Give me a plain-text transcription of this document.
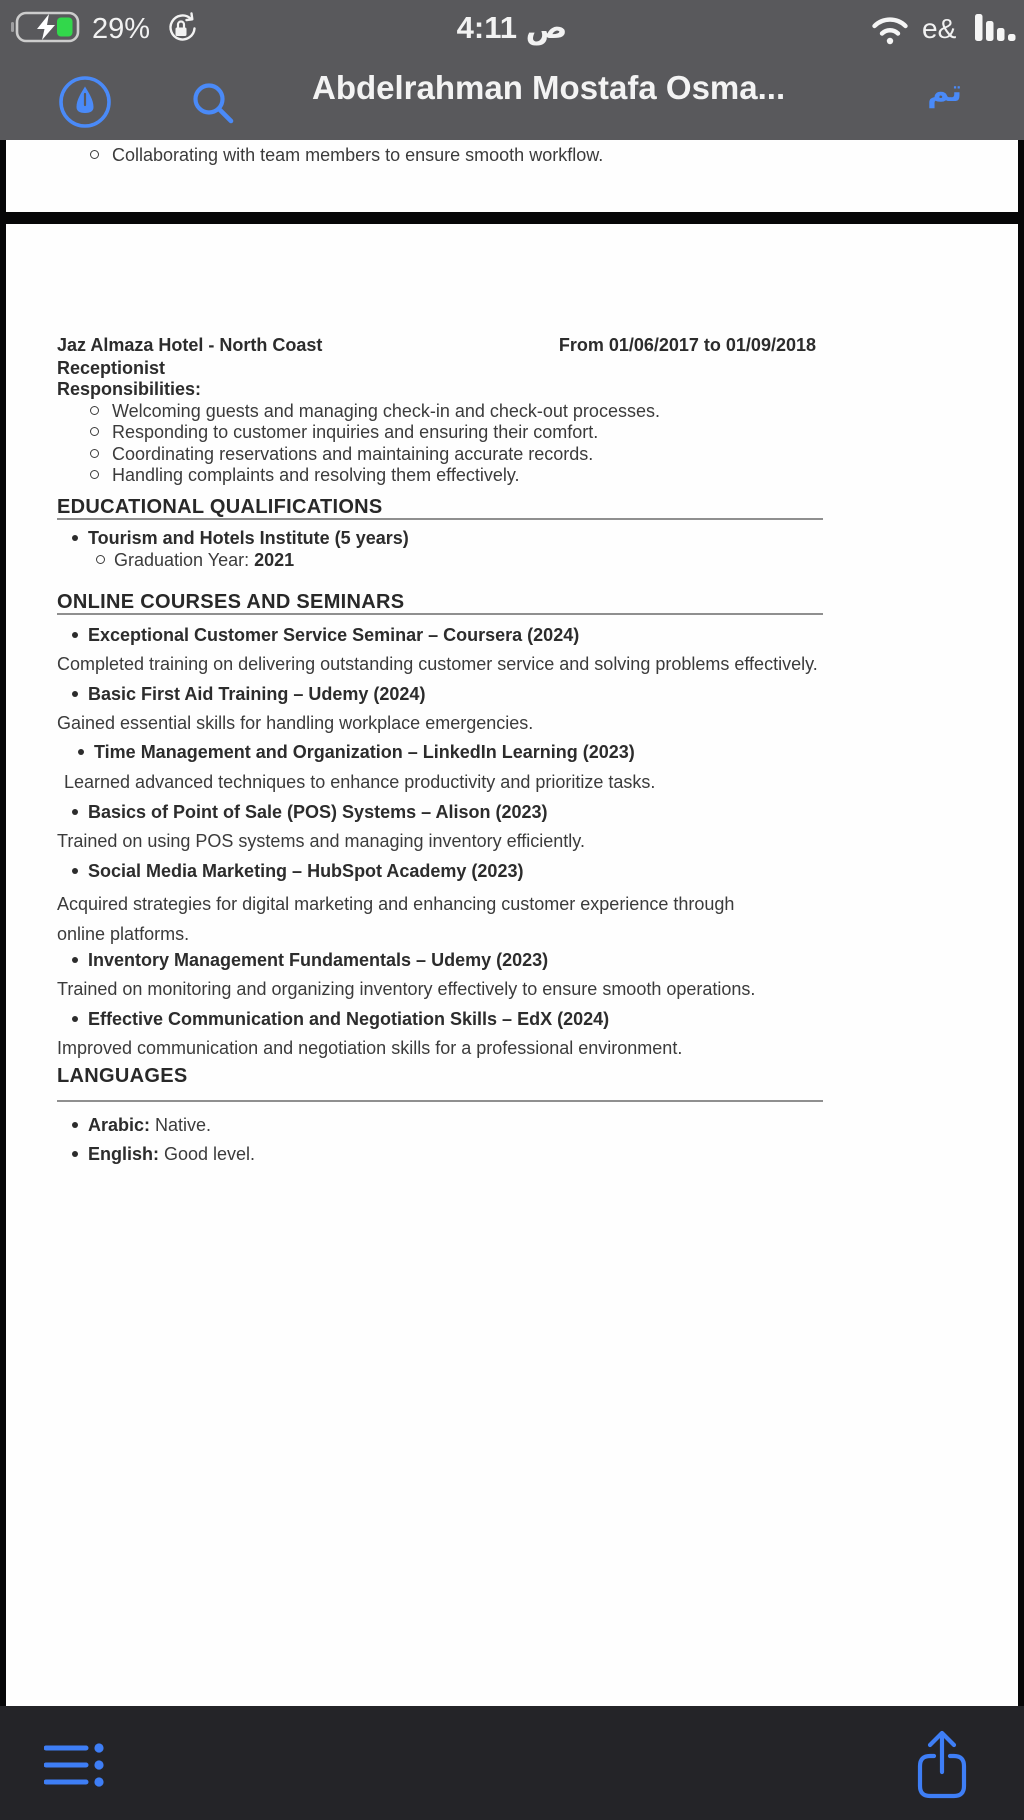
29%	ص 4:11	e&
Abdelrahman Mostafa Osma...	تم
Collaborating with team members to ensure smooth workflow.
Jaz Almaza Hotel - North Coast	From 01/06/2017 to 01/09/2018
Receptionist
Responsibilities:
Welcoming guests and managing check-in and check-out processes.
Responding to customer inquiries and ensuring their comfort.
Coordinating reservations and maintaining accurate records.
Handling complaints and resolving them effectively.
EDUCATIONAL QUALIFICATIONS
Tourism and Hotels Institute (5 years)
Graduation Year: 2021
ONLINE COURSES AND SEMINARS
Exceptional Customer Service Seminar – Coursera (2024)
Completed training on delivering outstanding customer service and solving problems effectively.
Basic First Aid Training – Udemy (2024)
Gained essential skills for handling workplace emergencies.
Time Management and Organization – LinkedIn Learning (2023)
Learned advanced techniques to enhance productivity and prioritize tasks.
Basics of Point of Sale (POS) Systems – Alison (2023)
Trained on using POS systems and managing inventory efficiently.
Social Media Marketing – HubSpot Academy (2023)
Acquired strategies for digital marketing and enhancing customer experience through online platforms.
Inventory Management Fundamentals – Udemy (2023)
Trained on monitoring and organizing inventory effectively to ensure smooth operations.
Effective Communication and Negotiation Skills – EdX (2024)
Improved communication and negotiation skills for a professional environment.
LANGUAGES
Arabic: Native.
English: Good level.
